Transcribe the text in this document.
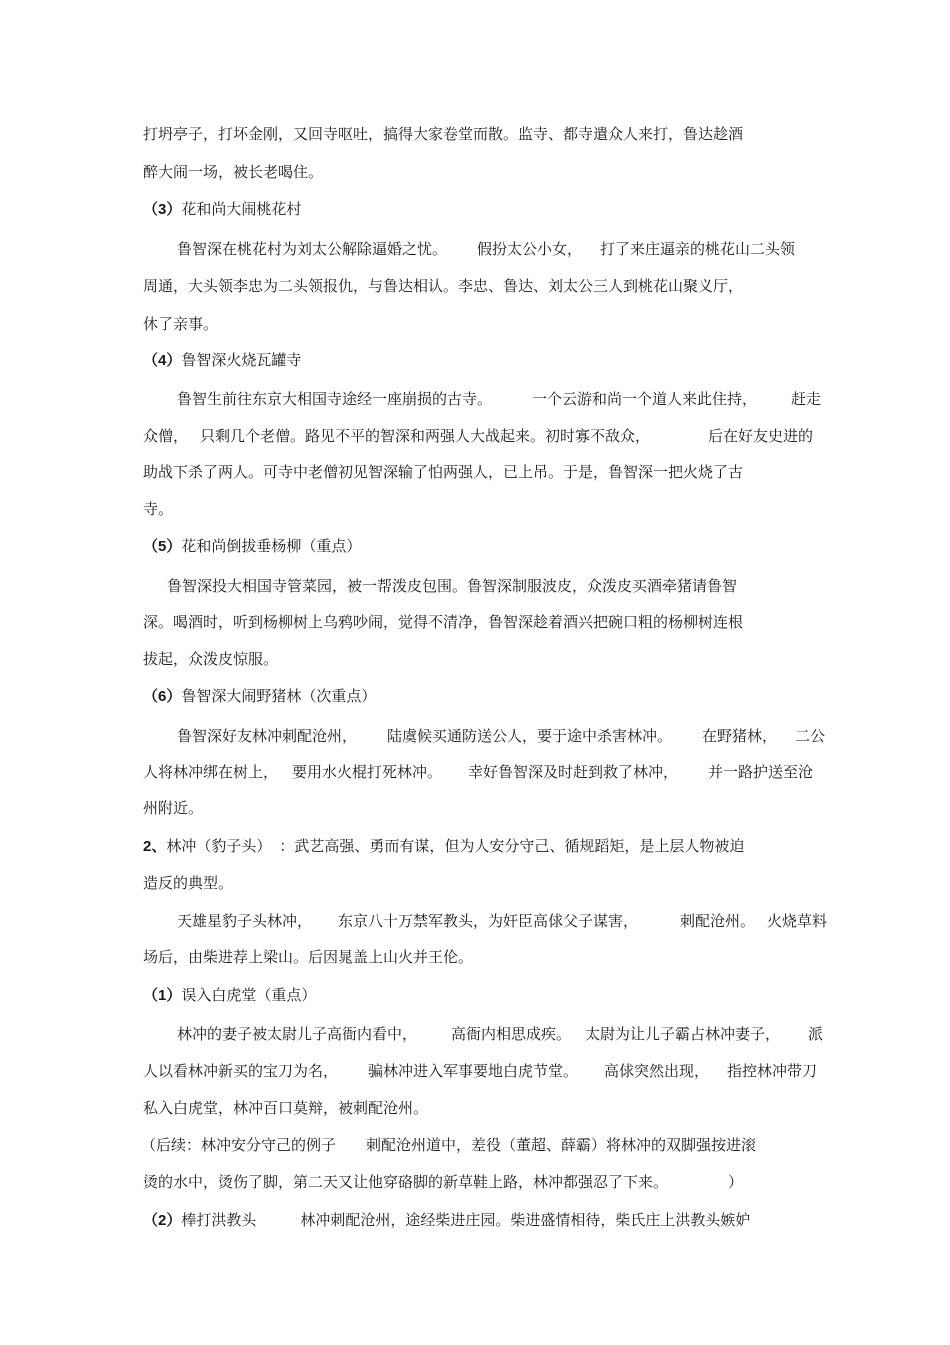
打坍亭子，打坏金刚，又回寺呕吐，搞得大家卷堂而散。监寺、都寺遣众人来打，鲁达趁酒
醉大闹一场，被长老喝住。
（3）花和尚大闹桃花村
鲁智深在桃花村为刘太公解除逼婚之忧。 假扮太公小女， 打了来庄逼亲的桃花山二头领
周通，大头领李忠为二头领报仇，与鲁达相认。李忠、鲁达、刘太公三人到桃花山聚义厅，
休了亲事。
（4）鲁智深火烧瓦罐寺
鲁智生前往东京大相国寺途经一座崩损的古寺。	一个云游和尚一个道人来此住持， 赶走
众僧， 只剩几个老僧。路见不平的智深和两强人大战起来。初时寡不敌众，	后在好友史进的
助战下杀了两人。可寺中老僧初见智深输了怕两强人，已上吊。于是，鲁智深一把火烧了古
寺。
（5）花和尚倒拔垂杨柳（重点）
鲁智深投大相国寺管菜园，被一帮泼皮包围。鲁智深制服波皮，众泼皮买酒牵猪请鲁智
深。喝酒时，听到杨柳树上乌鸦吵闹，觉得不清净，鲁智深趁着酒兴把碗口粗的杨柳树连根
拔起，众泼皮惊服。
（6）鲁智深大闹野猪林（次重点）
鲁智深好友林冲刺配沧州， 陆虞候买通防送公人，要于途中杀害林冲。 在野猪林， 二公
人将林冲绑在树上， 要用水火棍打死林冲。 幸好鲁智深及时赶到救了林冲， 并一路护送至沧
州附近。
2、林冲（豹子头） ：武艺高强、勇而有谋，但为人安分守己、循规蹈矩，是上层人物被迫
造反的典型。
天雄星豹子头林冲， 东京八十万禁军教头，为奸臣高俅父子谋害，	刺配沧州。 火烧草料
场后，由柴进荐上梁山。后因晁盖上山火并王伦。
（1）误入白虎堂（重点）
林冲的妻子被太尉儿子高衙内看中， 高衙内相思成疾。 太尉为让儿子霸占林冲妻子， 派
人以看林冲新买的宝刀为名， 骗林冲进入军事要地白虎节堂。 高俅突然出现， 指控林冲带刀
私入白虎堂，林冲百口莫辩，被刺配沧州。
（后续：林冲安分守己的例子 刺配沧州道中，差役（董超、薛霸）将林冲的双脚强按进滚
烫的水中，烫伤了脚，第二天又让他穿硌脚的新草鞋上路，林冲都强忍了下来。	）
（2）棒打洪教头	林冲刺配沧州，途经柴进庄园。柴进盛情相待，柴氏庄上洪教头嫉妒
